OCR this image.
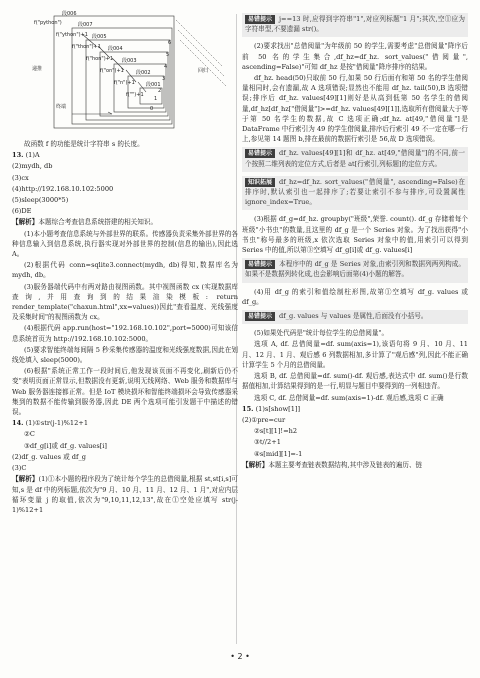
段006
段007
段005
段004
段003
段002
段001
终端
递推	回归
f("python")
f("ython")+1
f("thon")+1
f("hon")+1
f("on")+1
f("n")+1
f("")+1
0
1
2
3
4
5
6

故函数 f 的功能是统计字符串 s 的长度。

13. (1)A

(2)mydh, db

(3)cx

(4)http://192.168.10.102:5000

(5)sleep(3000*5)

(6)DE

【解析】本题综合考查信息系统搭建的相关知识。

(1)本小题考查信息系统与外部世界的联系。传感器负责采集外部世界的各种信息输入到信息系统,执行器实现对外部世界的控制(信息的输出),因此选 A。

(2)根据代码 conn=sqlite3.connect(mydh, db)得知,数据库名为 mydh, db。

(3)服务器端代码中有两对路由视图函数。其中视图函数 cx (实现数据库查询,并用查询到的结果渲染模板: return render_template("chaxun.html",xx=values))因此"查看温度、光线强度及采集时间"的视图函数为 cx。

(4)根据代码 app.run(host="192.168.10.102",port=5000)可知该信息系统首页为 http://192.168.10.102:5000。

(5)要求智能终端每间隔 5 秒采集传感器的温度和光线强度数据,因此在划线处填入 sleep(5000)。

(6)根据"系统正常工作一段时间后,他发现该页面不再变化,刷新后仍不变"表明页面正常显示,但数据没有更新,说明无线网络、Web 服务和数据库与 Web 服务器连接都正常。但是 IoT 模块损坏和智能终端损坏会导致传感器采集到的数据不能传输到服务器,因此 DE 两个选项可能引发题干中描述的错误。

14. (1)①str(j-1)%12+1

②C

③df_g[i]或 df_g. values[i]

(2)df_g. values 或 df_g

(3)C

【解析】(1)①本小题的程序段为了统计每个学生的总借阅量,根据 st,st[i,s]可知,s 是 df 中的列标题,依次为"9 月、10 月、11 月、12 月、1 月",对应内层循环变量 j 的取值,依次为"9,10,11,12,13",故在①空处应填写 str(j-1)%12+1

易错提示 j==13 时,应得到字符串"1",对应列标题"1 月";其次,空①应为字符串型,不要遗漏 str()。

(2)要求找出"总借阅量"为年级前 50 的学生,需要考虑"总借阅量"降序后前 50 名的学生集合,df_hz=df_hz. sort_values("借阅量", ascending=False)"可知 df_hz 是按"借阅量"降序排序的结果。

df_hz. head(50)只取前 50 行,如果 50 行后面有和第 50 名的学生借阅量相同时,会有遗漏,故 A 选项错误;显然也不能用 df_hz. tail(50),B 选项错误;排序后 df_hz. values[49][1]则好是从高到低第 50 名学生的借阅量,df_hz[df_hz["借阅量"]>=df_hz. values[49][1]],选取所有借阅量大于等于第 50 名学生的数据,故 C 选项正确;df_hz. at[49,"借阅量"]是 DataFrame 中行索引为 49 的学生借阅量,排序后行索引 49 不一定在哪一行上,参见第 14 题图 b,排在最前的数据行索引是 56,故 D 选项错误。

易错提示 df_hz. values[49][1]和 df_hz. at[49,"借阅量"]的不同,前一个按照二维列表的定位方式,后者是 at[行索引,列标题]的定位方式。

知识拓展 df_hz=df_hz. sort_values("借阅量", ascending=False)在排序时,默认索引也一起排序了;若要让索引不参与排序,可设置属性 ignore_index=True。

(3)根据 df_g=df_hz. groupby("班级",荣誉. count(). df_g 存储着每个班级"小书虫"的数量,且这里的 df_g 是一个 Series 对象。为了找出获得"小书虫"称号最多的班级,x 依次选取 Series 对象中的值,用索引可以得到 Series 中的值,所以第③空填写 df_g[i]或 df_g. values[i]

易错提示 本程序中的 df_g 是 Series 对象,由索引列和数据列两列构成。如果不是数据列转化成,也会影响后面第(4)小题的解答。

(4)用 df_g 的索引和值绘制柱形图,故第①空填写 df_g. values 或 df_g。

易错提示 df_g. values 与 values 是属性,后面没有小括号。

(5)如果处代码是"统计每位学生的总借阅量"。

选项 A, df. 总借阅量=df. sum(axis=1),该语句将 9 月、10 月、11 月、12 月、1 月、观后感 6 列数据相加,多计算了"观后感"列,因此不能正确计算学生 5 个月的总借阅量。

选项 B, df. 总借阅量=df. sum()-df. 观后感,表达式中 df. sum()是行数据值相加,计算结果得到的是一行,明显与题目中要得到的一列相违背。

选项 C, df. 总借阅量=df. sum(axis=1)-df. 观后感,选项 C 正确

15. (1)s[show[1]]

(2)①pre=cur

②s[t][1]!=h2

③t//2+1

④s[mid][1]=-1

【解析】本题主要考查链表数据结构,其中涉及链表的遍历、链

• 2 •
